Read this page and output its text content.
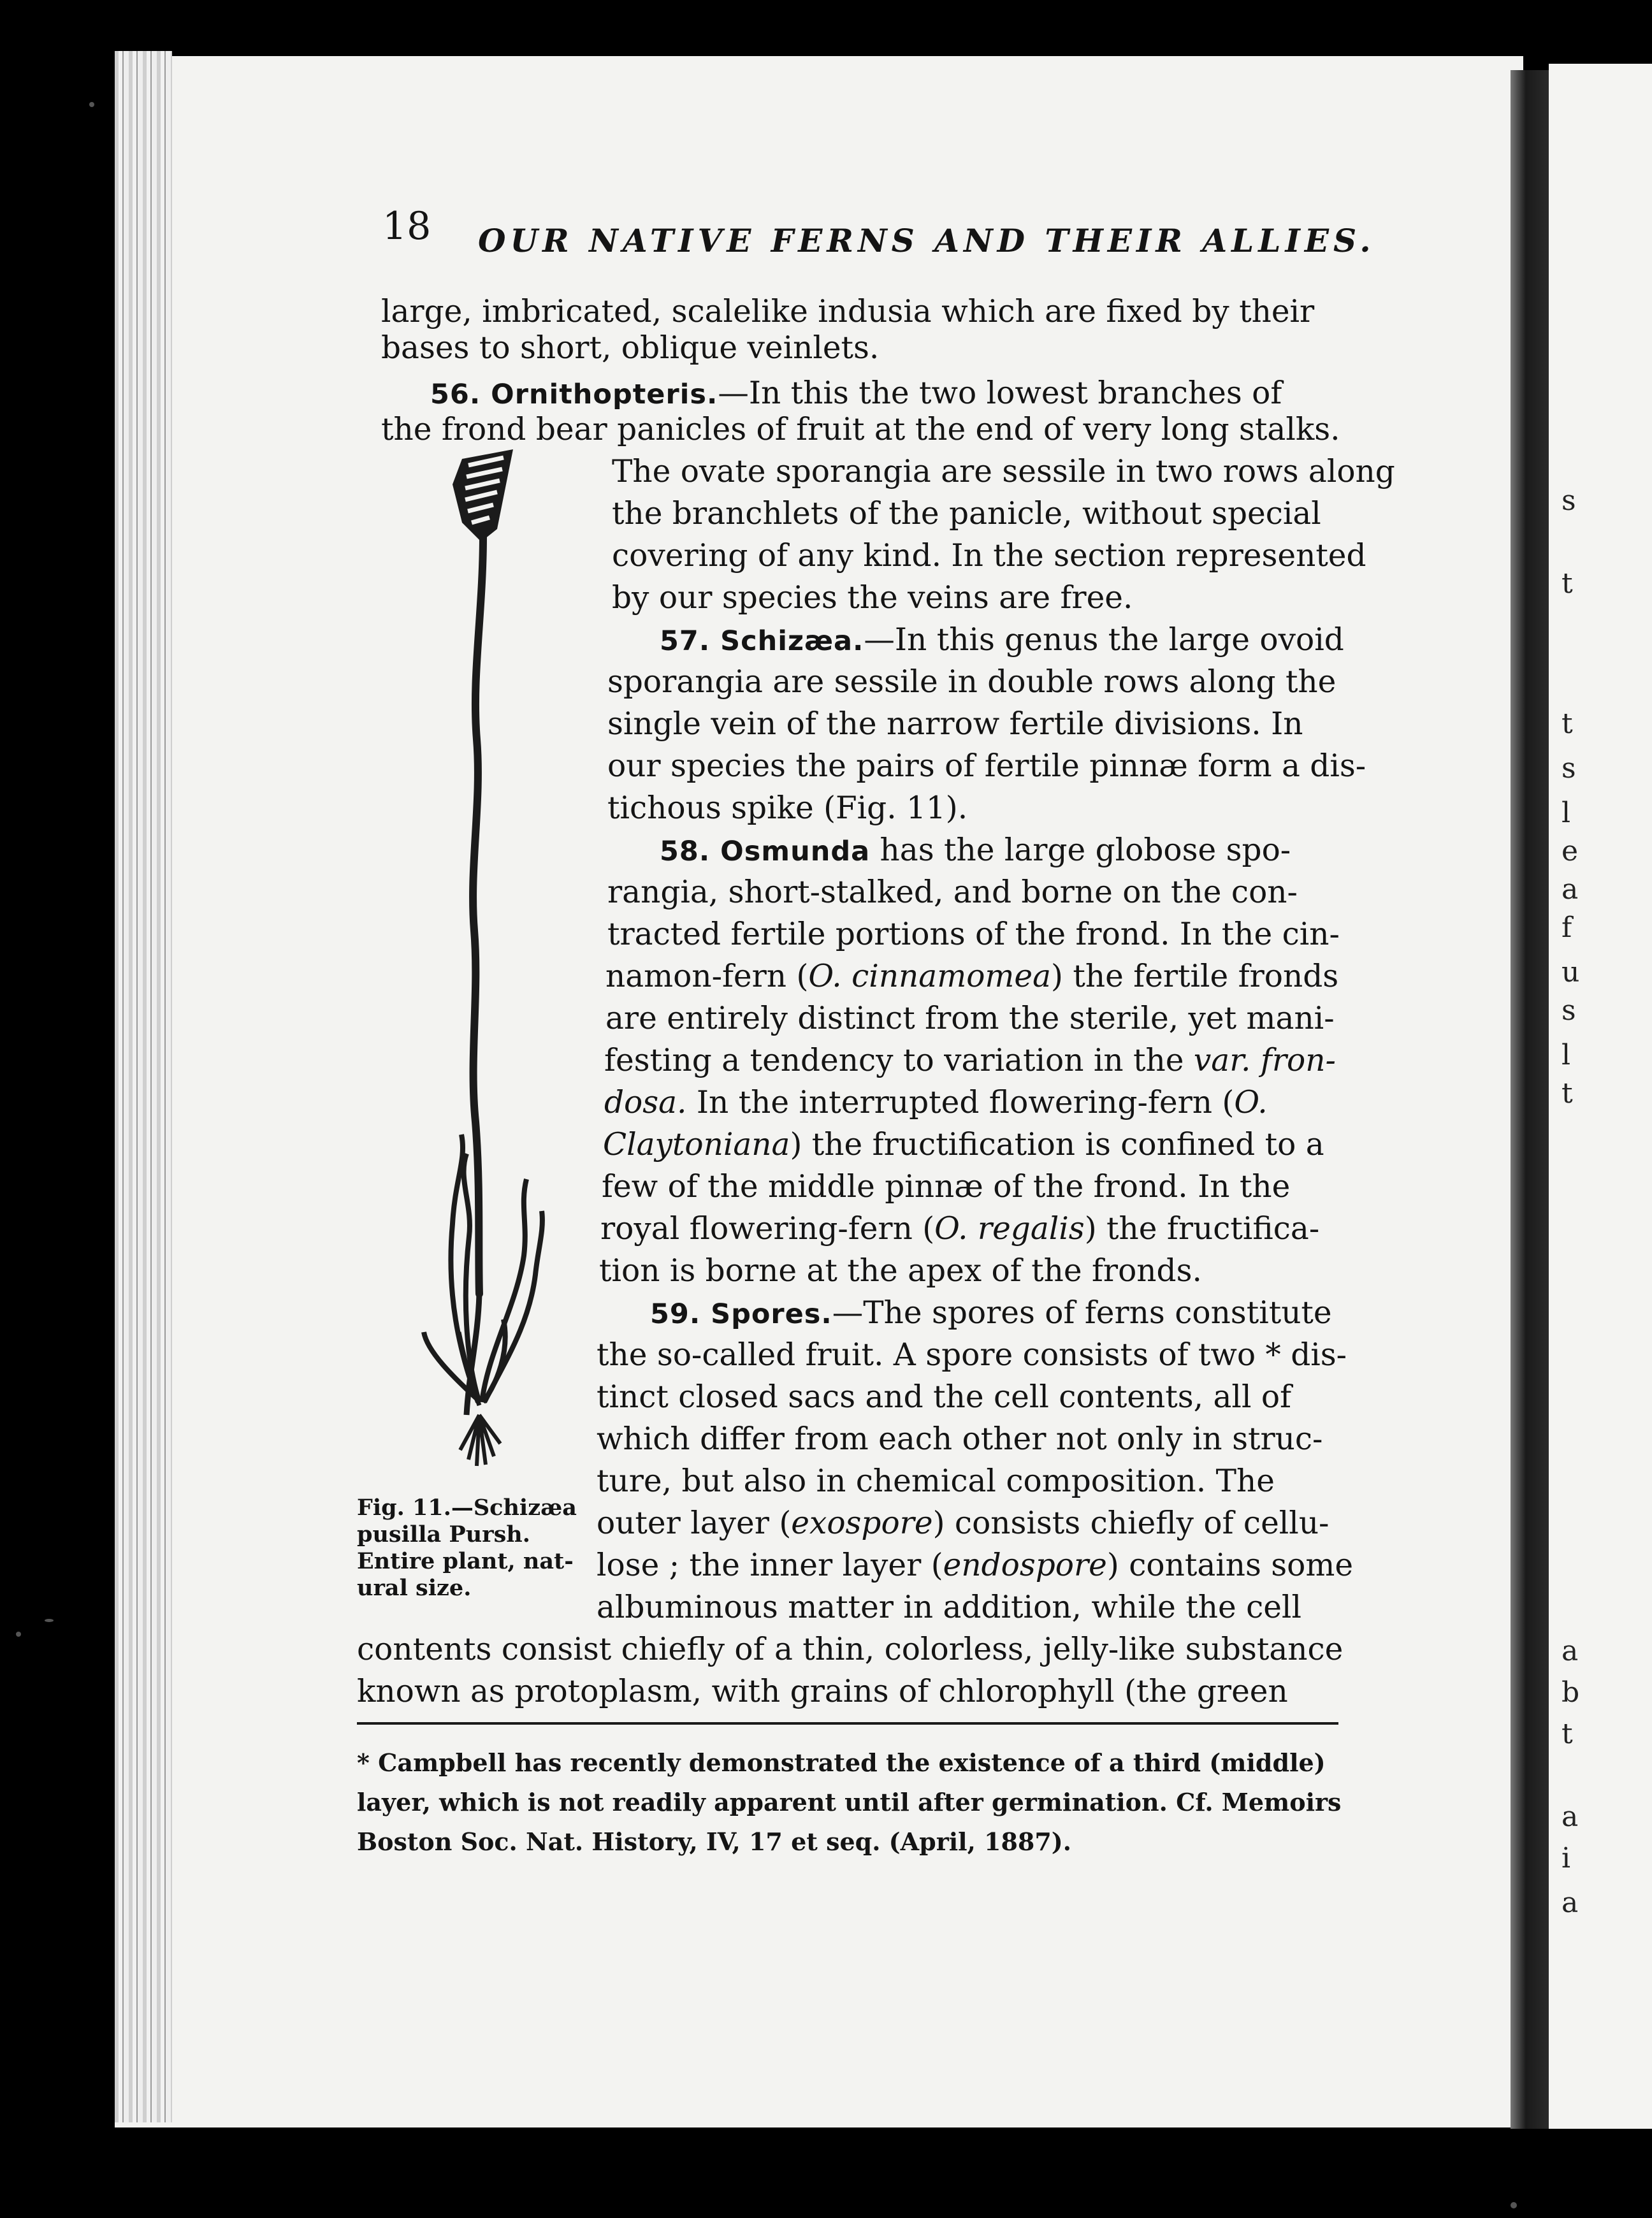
s
t
t
s
l
e
a
f
u
s
l
t
a
b
t
a
i
a
18 OUR NATIVE FERNS AND THEIR ALLIES.
large, imbricated, scalelike indusia which are fixed by their
bases to short, oblique veinlets.
56. Ornithopteris.—In this the two lowest branches of
the frond bear panicles of fruit at the end of very long stalks.
The ovate sporangia are sessile in two rows along
the branchlets of the panicle, without special
covering of any kind. In the section represented
by our species the veins are free.
57. Schizæa.—In this genus the large ovoid
sporangia are sessile in double rows along the
single vein of the narrow fertile divisions. In
our species the pairs of fertile pinnæ form a dis-
tichous spike (Fig. 11).
58. Osmunda has the large globose spo-
rangia, short-stalked, and borne on the con-
tracted fertile portions of the frond. In the cin-
namon-fern (O. cinnamomea) the fertile fronds
are entirely distinct from the sterile, yet mani-
festing a tendency to variation in the var. fron-
dosa. In the interrupted flowering-fern (O.
Claytoniana) the fructification is confined to a
few of the middle pinnæ of the frond. In the
royal flowering-fern (O. regalis) the fructifica-
tion is borne at the apex of the fronds.
59. Spores.—The spores of ferns constitute
the so-called fruit. A spore consists of two * dis-
tinct closed sacs and the cell contents, all of
which differ from each other not only in struc-
ture, but also in chemical composition. The
outer layer (exospore) consists chiefly of cellu-
lose ; the inner layer (endospore) contains some
albuminous matter in addition, while the cell
contents consist chiefly of a thin, colorless, jelly-like substance
known as protoplasm, with grains of chlorophyll (the green
Fig. 11.—Schizæa
pusilla Pursh.
Entire plant, nat-
ural size.
* Campbell has recently demonstrated the existence of a third (middle)
layer, which is not readily apparent until after germination. Cf. Memoirs
Boston Soc. Nat. History, IV, 17 et seq. (April, 1887).
